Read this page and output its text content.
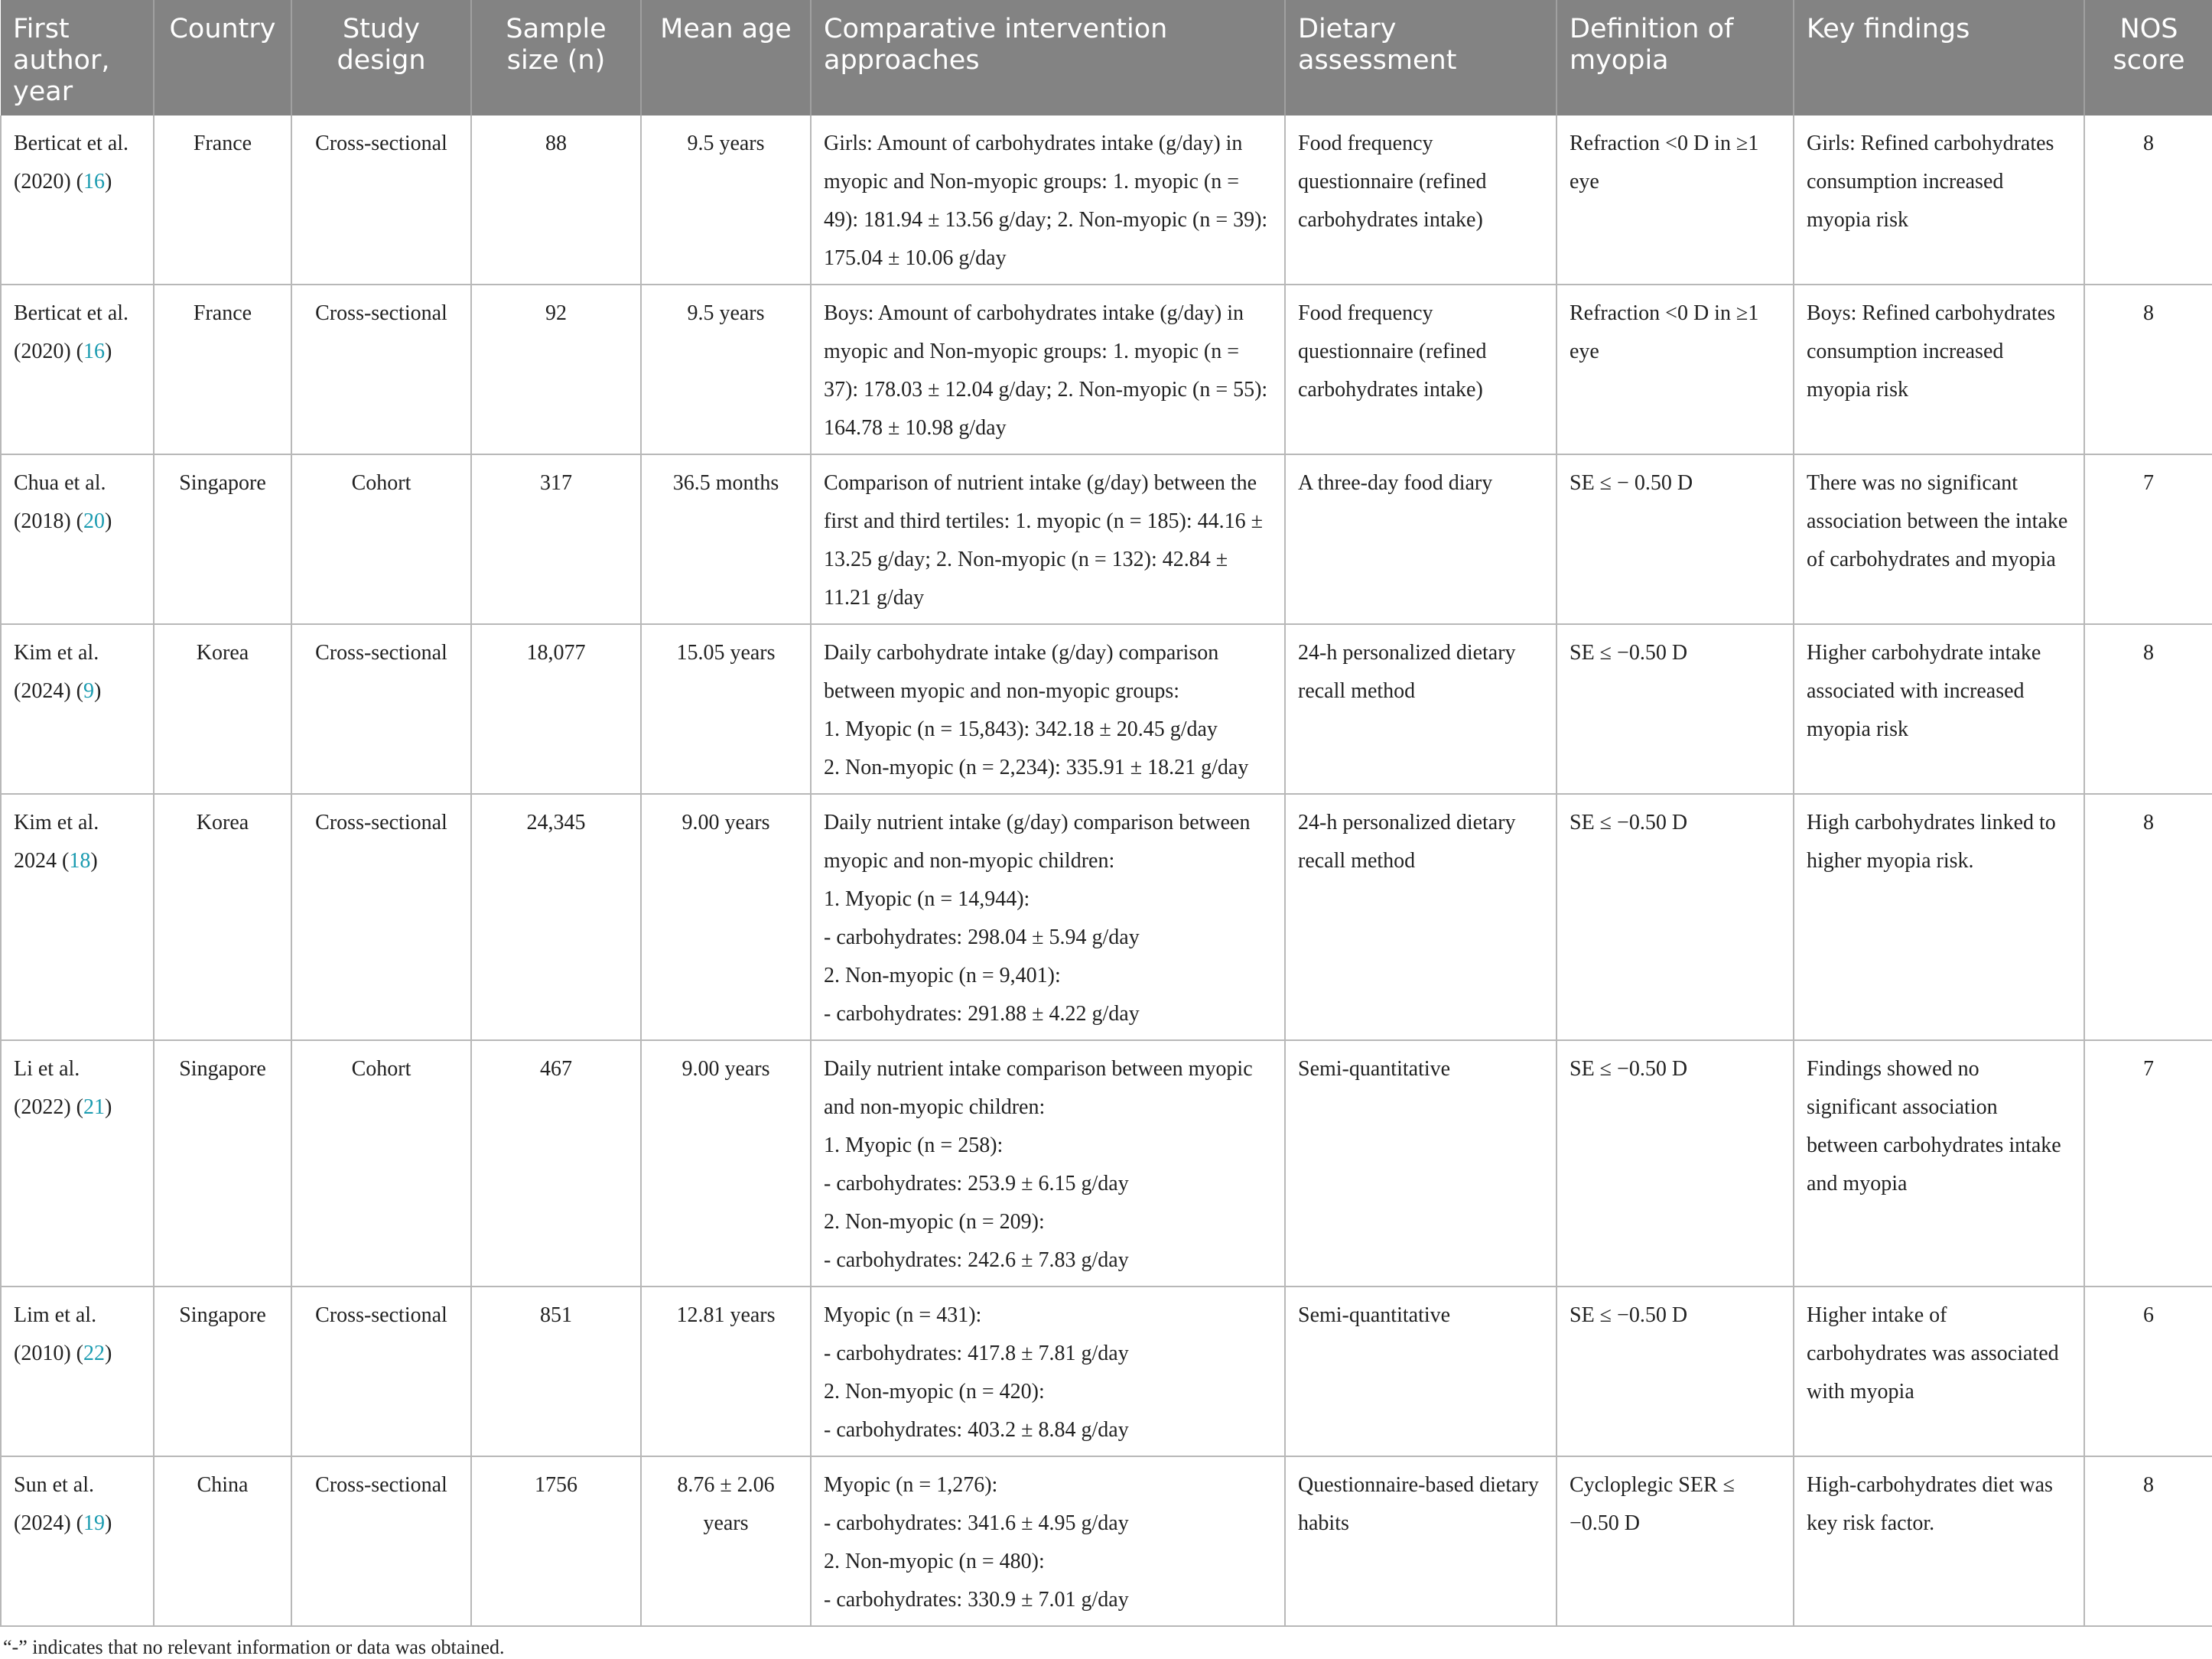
First author, year	Country	Study design	Sample size (n)	Mean age	Comparative intervention approaches	Dietary assessment	Definition of myopia	Key findings	NOS score
Berticat et al. (2020) (16)	France	Cross-sectional	88	9.5 years	Girls: Amount of carbohydrates intake (g/day) in myopic and Non-myopic groups: 1. myopic (n = 49): 181.94 ± 13.56 g/day; 2. Non-myopic (n = 39): 175.04 ± 10.06 g/day	Food frequency questionnaire (refined carbohydrates intake)	Refraction <0 D in ≥1 eye	Girls: Refined carbohydrates consumption increased myopia risk	8
Berticat et al. (2020) (16)	France	Cross-sectional	92	9.5 years	Boys: Amount of carbohydrates intake (g/day) in myopic and Non-myopic groups: 1. myopic (n = 37): 178.03 ± 12.04 g/day; 2. Non-myopic (n = 55): 164.78 ± 10.98 g/day	Food frequency questionnaire (refined carbohydrates intake)	Refraction <0 D in ≥1 eye	Boys: Refined carbohydrates consumption increased myopia risk	8
Chua et al. (2018) (20)	Singapore	Cohort	317	36.5 months	Comparison of nutrient intake (g/day) between the first and third tertiles: 1. myopic (n = 185): 44.16 ± 13.25 g/day; 2. Non-myopic (n = 132): 42.84 ± 11.21 g/day	A three-day food diary	SE ≤ − 0.50 D	There was no significant association between the intake of carbohydrates and myopia	7
Kim et al. (2024) (9)	Korea	Cross-sectional	18,077	15.05 years	Daily carbohydrate intake (g/day) comparison between myopic and non-myopic groups:
1. Myopic (n = 15,843): 342.18 ± 20.45 g/day
2. Non-myopic (n = 2,234): 335.91 ± 18.21 g/day	24-h personalized dietary recall method	SE ≤ −0.50 D	Higher carbohydrate intake associated with increased myopia risk	8
Kim et al. 2024 (18)	Korea	Cross-sectional	24,345	9.00 years	Daily nutrient intake (g/day) comparison between myopic and non-myopic children:
1. Myopic (n = 14,944):
- carbohydrates: 298.04 ± 5.94 g/day
2. Non-myopic (n = 9,401):
- carbohydrates: 291.88 ± 4.22 g/day	24-h personalized dietary recall method	SE ≤ −0.50 D	High carbohydrates linked to higher myopia risk.	8
Li et al. (2022) (21)	Singapore	Cohort	467	9.00 years	Daily nutrient intake comparison between myopic and non-myopic children:
1. Myopic (n = 258):
- carbohydrates: 253.9 ± 6.15 g/day
2. Non-myopic (n = 209):
- carbohydrates: 242.6 ± 7.83 g/day	Semi-quantitative	SE ≤ −0.50 D	Findings showed no significant association between carbohydrates intake and myopia	7
Lim et al. (2010) (22)	Singapore	Cross-sectional	851	12.81 years	Myopic (n = 431):
- carbohydrates: 417.8 ± 7.81 g/day
2. Non-myopic (n = 420):
- carbohydrates: 403.2 ± 8.84 g/day	Semi-quantitative	SE ≤ −0.50 D	Higher intake of carbohydrates was associated with myopia	6
Sun et al. (2024) (19)	China	Cross-sectional	1756	8.76 ± 2.06 years	Myopic (n = 1,276):
- carbohydrates: 341.6 ± 4.95 g/day
2. Non-myopic (n = 480):
- carbohydrates: 330.9 ± 7.01 g/day	Questionnaire-based dietary habits	Cycloplegic SER ≤ −0.50 D	High-carbohydrates diet was key risk factor.	8
“-” indicates that no relevant information or data was obtained.
